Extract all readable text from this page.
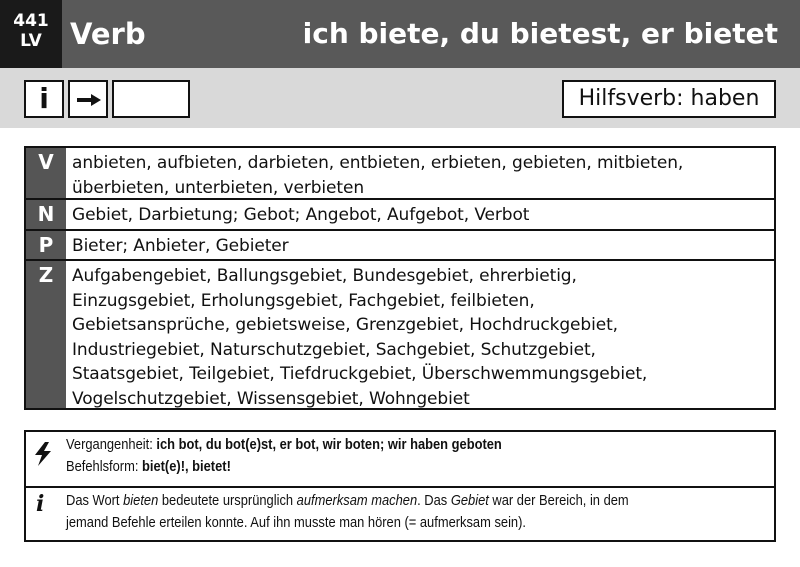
441
LV Verb	ich biete, du bietest, er bietet
i	Hilfsverb: haben
V	anbieten, aufbieten, darbieten, entbieten, erbieten, gebieten, mitbieten,
überbieten, unterbieten, verbieten
N	Gebiet, Darbietung; Gebot; Angebot, Aufgebot, Verbot
P	Bieter; Anbieter, Gebieter
Z	Aufgabengebiet, Ballungsgebiet, Bundesgebiet, ehrerbietig,
Einzugsgebiet, Erholungsgebiet, Fachgebiet, feilbieten,
Gebietsansprüche, gebietsweise, Grenzgebiet, Hochdruckgebiet,
Industriegebiet, Naturschutzgebiet, Sachgebiet, Schutzgebiet,
Staatsgebiet, Teilgebiet, Tiefdruckgebiet, Überschwemmungsgebiet,
Vogelschutzgebiet, Wissensgebiet, Wohngebiet
Vergangenheit: ich bot, du bot(e)st, er bot, wir boten; wir haben geboten
Befehlsform: biet(e)!, bietet!
i Das Wort bieten bedeutete ursprünglich aufmerksam machen. Das Gebiet war der Bereich, in dem
jemand Befehle erteilen konnte. Auf ihn musste man hören (= aufmerksam sein).
